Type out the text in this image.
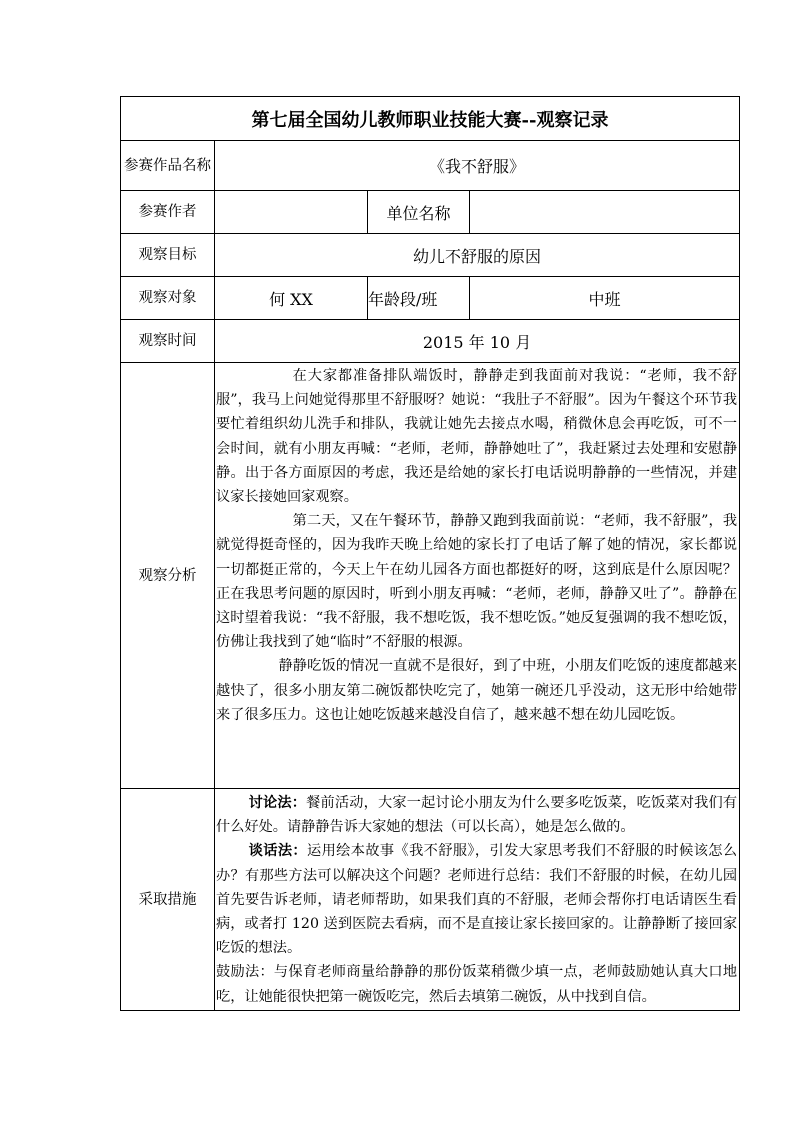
第七届全国幼儿教师职业技能大赛--观察记录			
参赛作品名称	《我不舒服》		
参赛作者		单位名称	
观察目标	幼儿不舒服的原因		
观察对象	何 XX	年龄段/班	中班
观察时间	2015 年 10 月		
观察分析	在大家都准备排队端饭时，静静走到我面前对我说：“老师，我不舒服”，我马上问她觉得那里不舒服呀？她说：“我肚子不舒服”。因为午餐这个环节我要忙着组织幼儿洗手和排队，我就让她先去接点水喝，稍微休息会再吃饭，可不一会时间，就有小朋友再喊：“老师，老师，静静她吐了”，我赶紧过去处理和安慰静静。出于各方面原因的考虑，我还是给她的家长打电话说明静静的一些情况，并建议家长接她回家观察。

第二天，又在午餐环节，静静又跑到我面前说：“老师，我不舒服”，我就觉得挺奇怪的，因为我昨天晚上给她的家长打了电话了解了她的情况，家长都说一切都挺正常的，今天上午在幼儿园各方面也都挺好的呀，这到底是什么原因呢？正在我思考问题的原因时，听到小朋友再喊：“老师，老师，静静又吐了”。静静在这时望着我说：“我不舒服，我不想吃饭，我不想吃饭。”她反复强调的我不想吃饭，仿佛让我找到了她“临时”不舒服的根源。

静静吃饭的情况一直就不是很好，到了中班，小朋友们吃饭的速度都越来越快了，很多小朋友第二碗饭都快吃完了，她第一碗还几乎没动，这无形中给她带来了很多压力。这也让她吃饭越来越没自信了，越来越不想在幼儿园吃饭。		

采取措施	讨论法：餐前活动，大家一起讨论小朋友为什么要多吃饭菜，吃饭菜对我们有什么好处。请静静告诉大家她的想法（可以长高），她是怎么做的。

谈话法：运用绘本故事《我不舒服》，引发大家思考我们不舒服的时候该怎么办？有那些方法可以解决这个问题？老师进行总结：我们不舒服的时候，在幼儿园首先要告诉老师，请老师帮助，如果我们真的不舒服，老师会帮你打电话请医生看病，或者打 120 送到医院去看病，而不是直接让家长接回家的。让静静断了接回家吃饭的想法。

鼓励法：与保育老师商量给静静的那份饭菜稍微少填一点，老师鼓励她认真大口地吃，让她能很快把第一碗饭吃完，然后去填第二碗饭，从中找到自信。		
